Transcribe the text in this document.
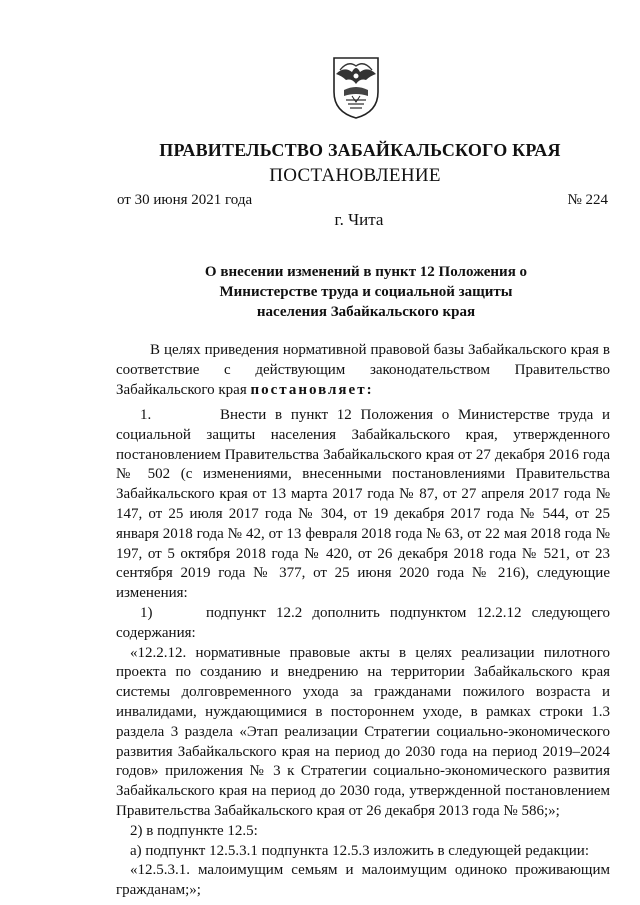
ПРАВИТЕЛЬСТВО ЗАБАЙКАЛЬСКОГО КРАЯ
ПОСТАНОВЛЕНИЕ
от 30 июня 2021 года	№ 224
г. Чита
О внесении изменений в пункт 12 Положения о
Министерстве труда и социальной защиты
населения Забайкальского края

В целях приведения нормативной правовой базы Забайкальского края в соответствие с действующим законодательством Правительство Забайкальского края постановляет:

1.	Внести в пункт 12 Положения о Министерстве труда и социальной защиты населения Забайкальского края, утвержденного постановлением Правительства Забайкальского края от 27 декабря 2016 года № 502 (с изменениями, внесенными постановлениями Правительства Забайкальского края от 13 марта 2017 года № 87, от 27 апреля 2017 года № 147, от 25 июля 2017 года № 304, от 19 декабря 2017 года № 544, от 25 января 2018 года № 42, от 13 февраля 2018 года № 63, от 22 мая 2018 года № 197, от 5 октября 2018 года № 420, от 26 декабря 2018 года № 521, от 23 сентября 2019 года № 377, от 25 июня 2020 года № 216), следующие изменения:

1)	подпункт 12.2 дополнить подпунктом 12.2.12 следующего содержания:

«12.2.12. нормативные правовые акты в целях реализации пилотного проекта по созданию и внедрению на территории Забайкальского края системы долговременного ухода за гражданами пожилого возраста и инвалидами, нуждающимися в постороннем уходе, в рамках строки 1.3 раздела 3 раздела «Этап реализации Стратегии социально-экономического развития Забайкальского края на период до 2030 года на период 2019–2024 годов» приложения № 3 к Стратегии социально-экономического развития Забайкальского края на период до 2030 года, утвержденной постановлением Правительства Забайкальского края от 26 декабря 2013 года № 586;»;

2) в подпункте 12.5:

а) подпункт 12.5.3.1 подпункта 12.5.3 изложить в следующей редакции:

«12.5.3.1. малоимущим семьям и малоимущим одиноко проживающим гражданам;»;
